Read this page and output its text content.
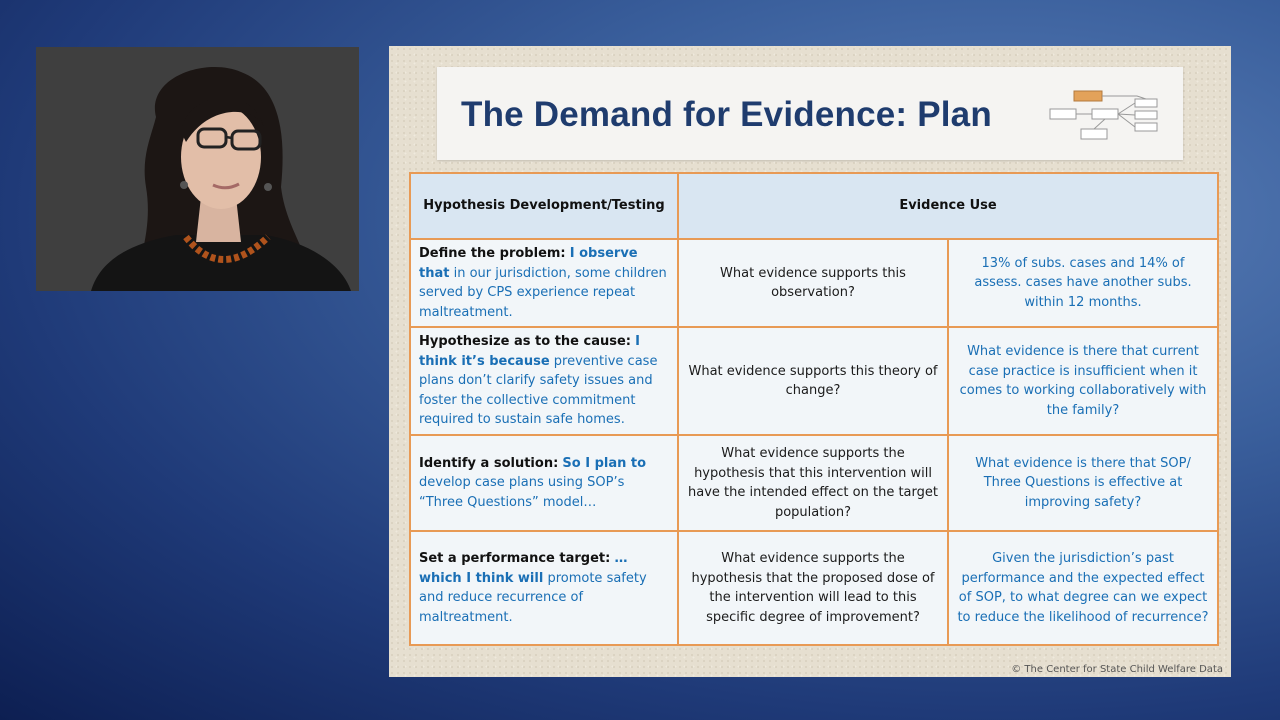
The Demand for Evidence: Plan
Hypothesis Development/Testing	Evidence Use	
Define the problem: I observe that in our jurisdiction, some children served by CPS experience repeat maltreatment.	What evidence supports this observation?	13% of subs. cases and 14% of assess. cases have another subs. within 12 months.
Hypothesize as to the cause: I think it’s because preventive case plans don’t clarify safety issues and foster the collective commitment required to sustain safe homes.	What evidence supports this theory of change?	What evidence is there that current case practice is insufficient when it comes to working collaboratively with the family?
Identify a solution: So I plan to develop case plans using SOP’s “Three Questions” model…	What evidence supports the hypothesis that this intervention will have the intended effect on the target population?	What evidence is there that SOP/ Three Questions is effective at improving safety?
Set a performance target: …which I think will promote safety and reduce recurrence of maltreatment.	What evidence supports the hypothesis that the proposed dose of the intervention will lead to this specific degree of improvement?	Given the jurisdiction’s past performance and the expected effect of SOP, to what degree can we expect to reduce the likelihood of recurrence?
© The Center for State Child Welfare Data
